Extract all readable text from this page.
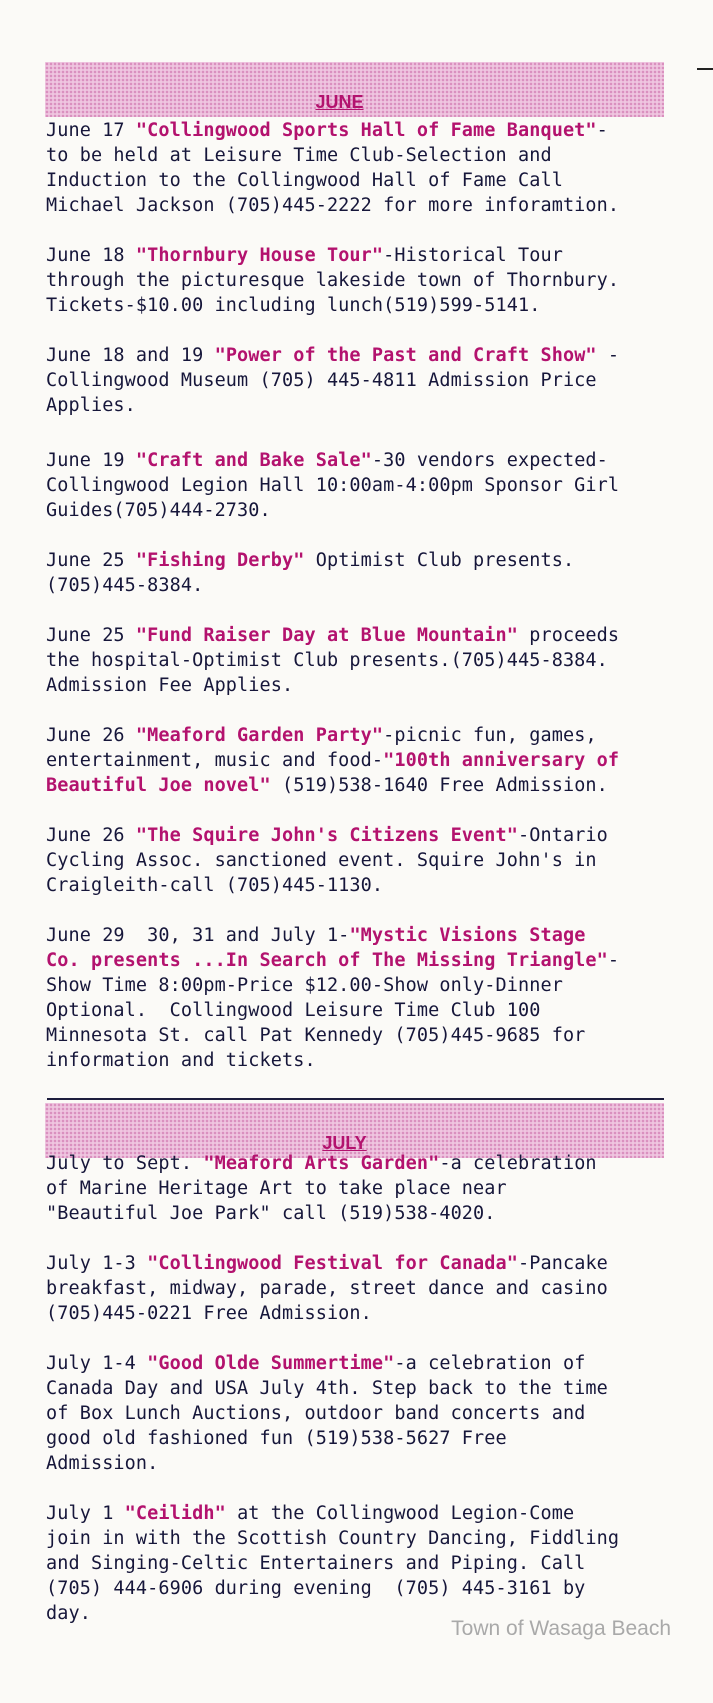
JUNE

June 17 "Collingwood Sports Hall of Fame Banquet"-
to be held at Leisure Time Club-Selection and
Induction to the Collingwood Hall of Fame Call
Michael Jackson (705)445-2222 for more inforamtion.

June 18 "Thornbury House Tour"-Historical Tour
through the picturesque lakeside town of Thornbury.
Tickets-$10.00 including lunch(519)599-5141.

June 18 and 19 "Power of the Past and Craft Show" -
Collingwood Museum (705) 445-4811 Admission Price
Applies.

June 19 "Craft and Bake Sale"-30 vendors expected-
Collingwood Legion Hall 10:00am-4:00pm Sponsor Girl
Guides(705)444-2730.

June 25 "Fishing Derby" Optimist Club presents.
(705)445-8384.

June 25 "Fund Raiser Day at Blue Mountain" proceeds
the hospital-Optimist Club presents.(705)445-8384.
Admission Fee Applies.

June 26 "Meaford Garden Party"-picnic fun, games,
entertainment, music and food-"100th anniversary of
Beautiful Joe novel" (519)538-1640 Free Admission.

June 26 "The Squire John's Citizens Event"-Ontario
Cycling Assoc. sanctioned event. Squire John's in
Craigleith-call (705)445-1130.

June 29  30, 31 and July 1-"Mystic Visions Stage
Co. presents ...In Search of The Missing Triangle"-
Show Time 8:00pm-Price $12.00-Show only-Dinner
Optional.  Collingwood Leisure Time Club 100
Minnesota St. call Pat Kennedy (705)445-9685 for
information and tickets.

JULY

July to Sept. "Meaford Arts Garden"-a celebration
of Marine Heritage Art to take place near
"Beautiful Joe Park" call (519)538-4020.

July 1-3 "Collingwood Festival for Canada"-Pancake
breakfast, midway, parade, street dance and casino
(705)445-0221 Free Admission.

July 1-4 "Good Olde Summertime"-a celebration of
Canada Day and USA July 4th. Step back to the time
of Box Lunch Auctions, outdoor band concerts and
good old fashioned fun (519)538-5627 Free
Admission.

July 1 "Ceilidh" at the Collingwood Legion-Come
join in with the Scottish Country Dancing, Fiddling
and Singing-Celtic Entertainers and Piping. Call
(705) 444-6906 during evening  (705) 445-3161 by
day.

Town of Wasaga Beach
